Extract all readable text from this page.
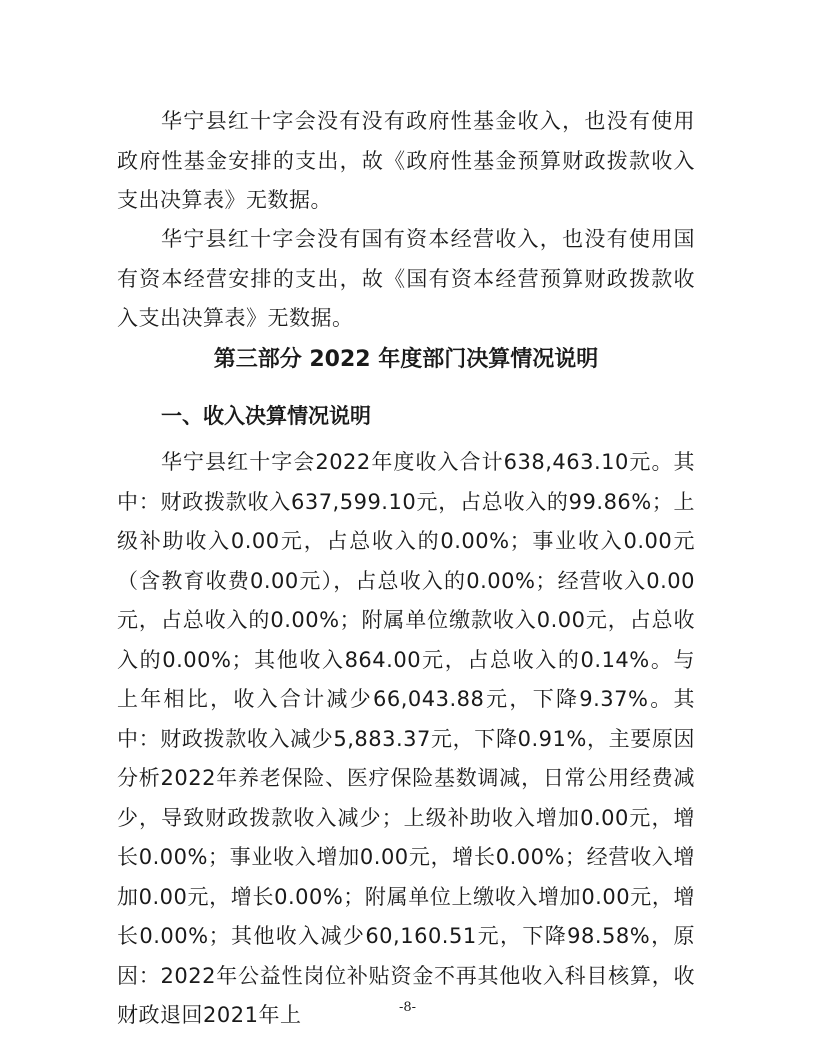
华宁县红十字会没有没有政府性基金收入，也没有使用政府性基金安排的支出，故《政府性基金预算财政拨款收入支出决算表》无数据。

华宁县红十字会没有国有资本经营收入，也没有使用国有资本经营安排的支出，故《国有资本经营预算财政拨款收入支出决算表》无数据。

第三部分 2022 年度部门决算情况说明
一、收入决算情况说明

华宁县红十字会2022年度收入合计638,463.10元。其中：财政拨款收入637,599.10元，占总收入的99.86%；上级补助收入0.00元，占总收入的0.00%；事业收入0.00元（含教育收费0.00元），占总收入的0.00%；经营收入0.00元，占总收入的0.00%；附属单位缴款收入0.00元，占总收入的0.00%；其他收入864.00元，占总收入的0.14%。与上年相比，收入合计减少66,043.88元，下降9.37%。其中：财政拨款收入减少5,883.37元，下降0.91%，主要原因分析2022年养老保险、医疗保险基数调减，日常公用经费减少，导致财政拨款收入减少；上级补助收入增加0.00元，增长0.00%；事业收入增加0.00元，增长0.00%；经营收入增加0.00元，增长0.00%；附属单位上缴收入增加0.00元，增长0.00%；其他收入减少60,160.51元，下降98.58%，原因：2022年公益性岗位补贴资金不再其他收入科目核算，收财政退回2021年上	-8-
